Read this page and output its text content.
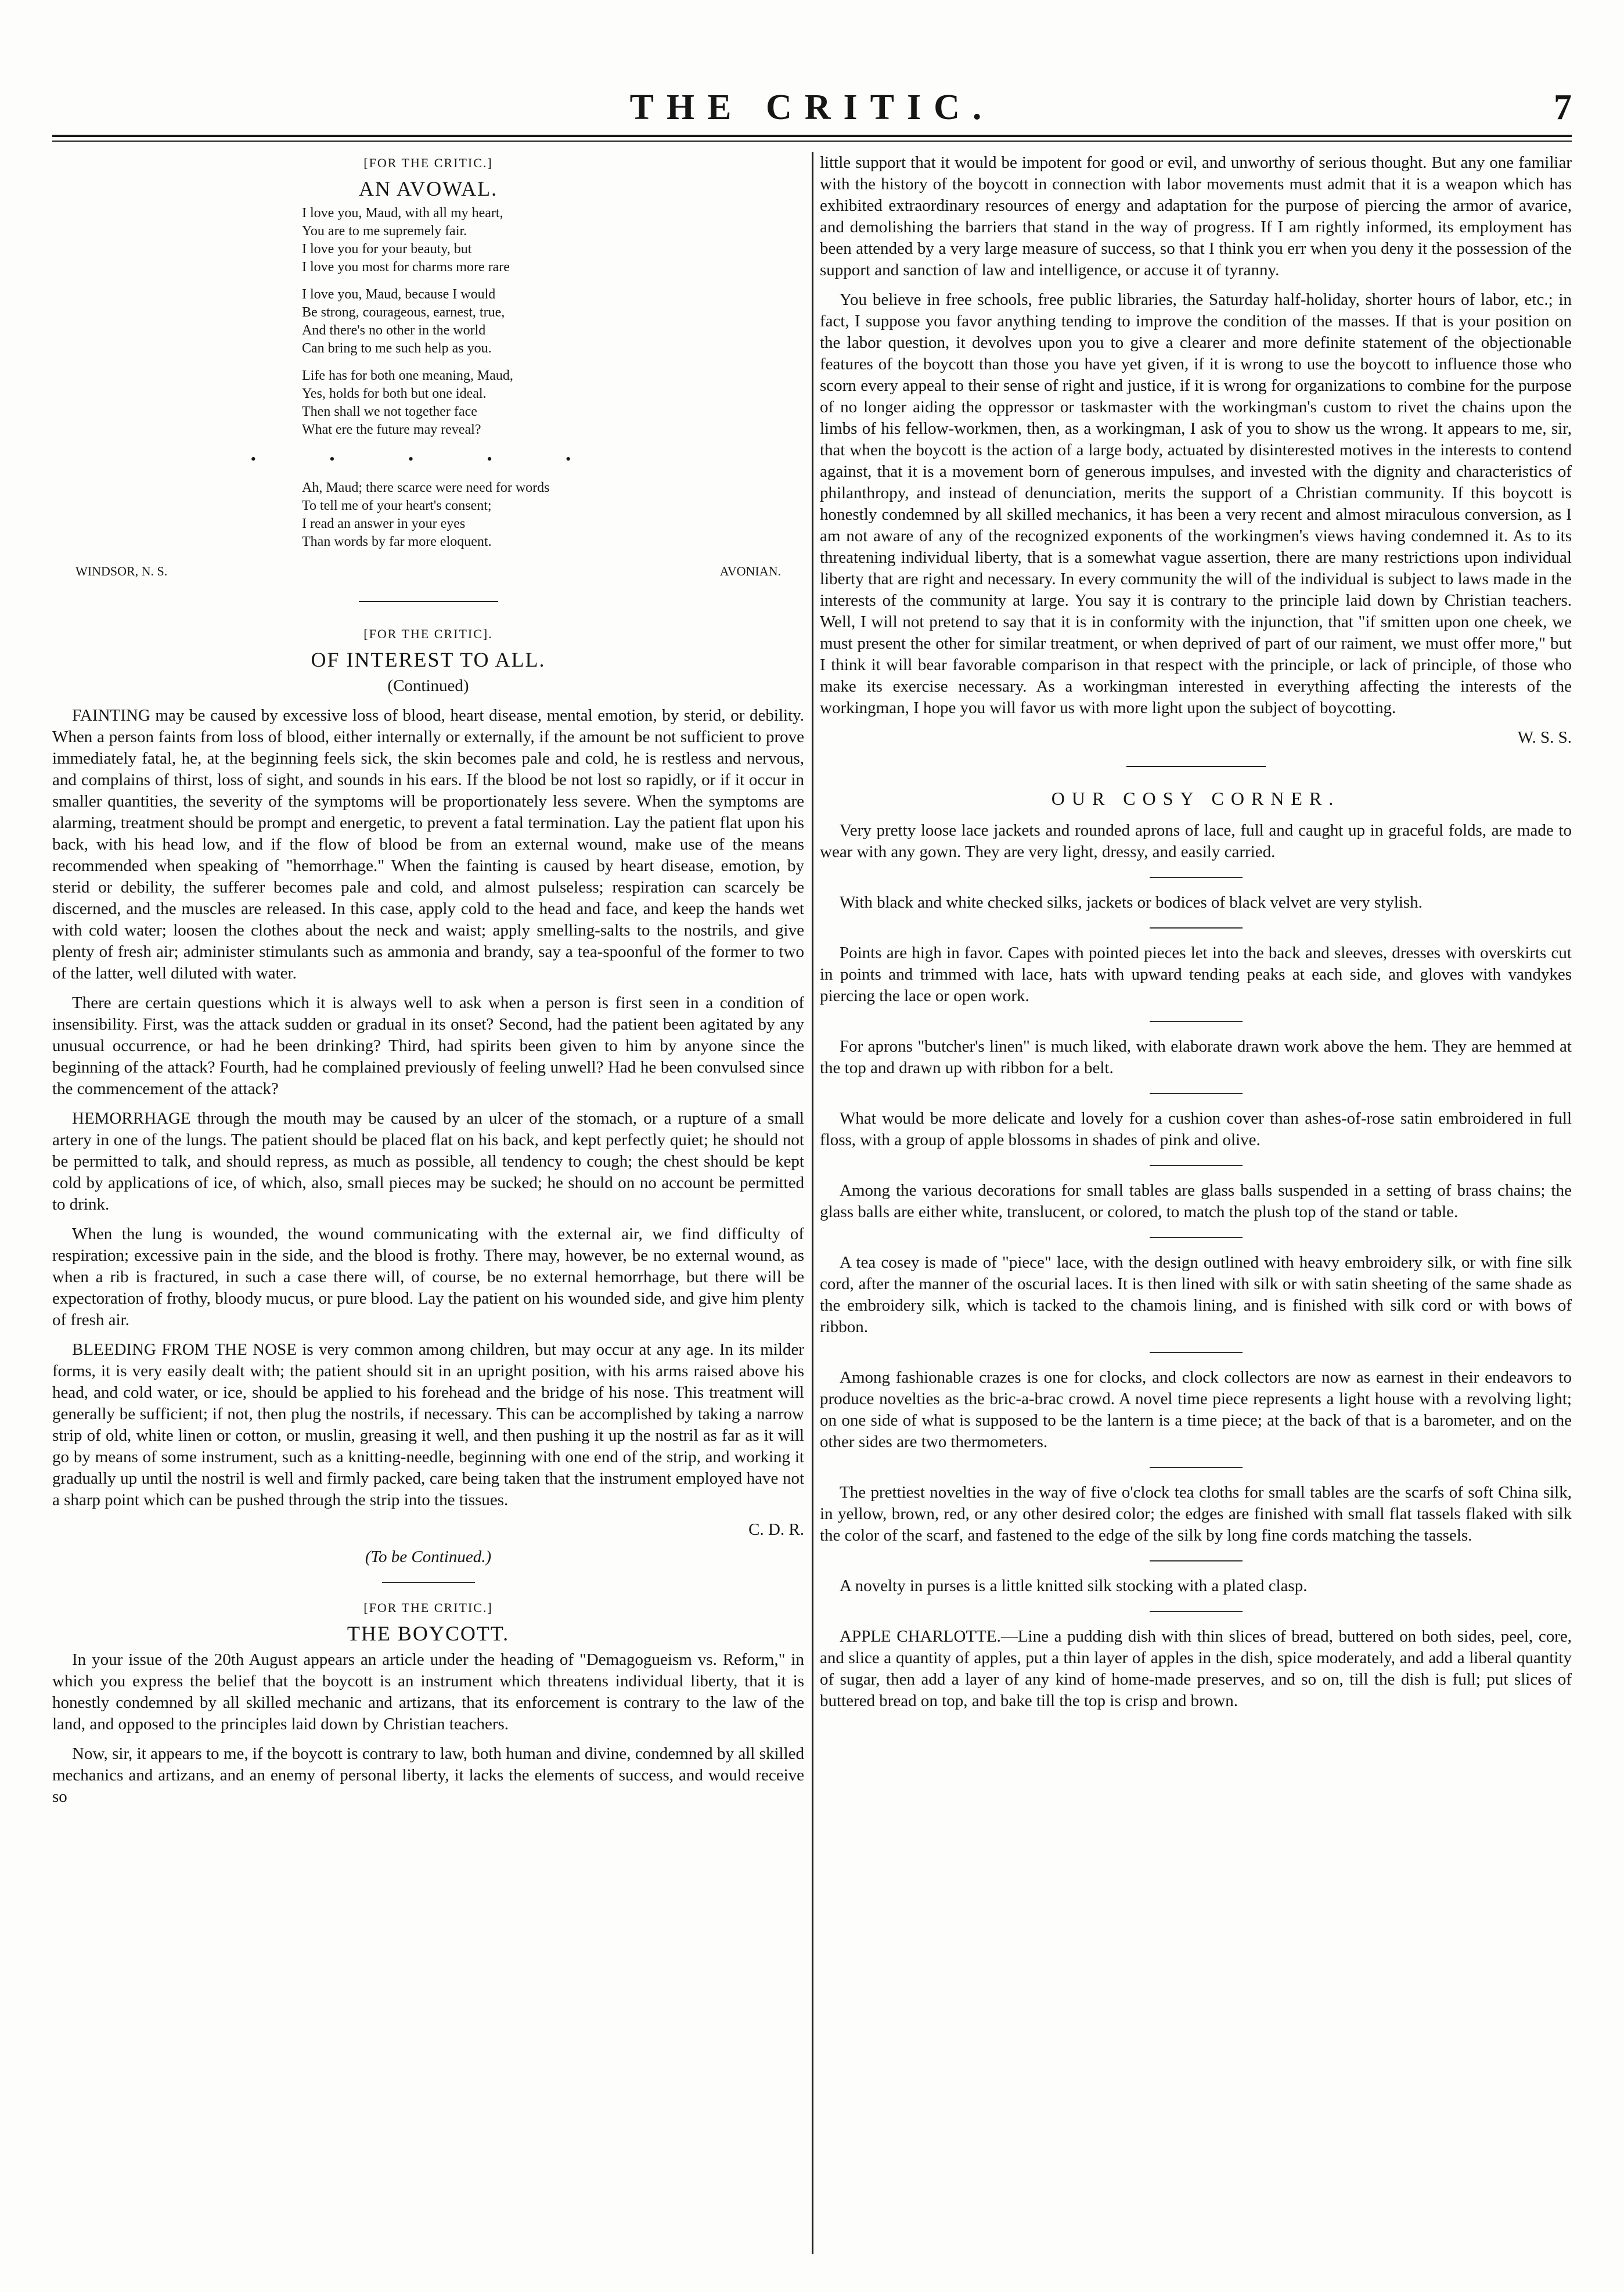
THE CRITIC.	7
[FOR THE CRITIC.]
AN AVOWAL.
I love you, Maud, with all my heart,
You are to me supremely fair.
I love you for your beauty, but
I love you most for charms more rare
I love you, Maud, because I would
Be strong, courageous, earnest, true,
And there's no other in the world
Can bring to me such help as you.
Life has for both one meaning, Maud,
Yes, holds for both but one ideal.
Then shall we not together face
What ere the future may reveal?
• • • • •
Ah, Maud; there scarce were need for words
To tell me of your heart's consent;
I read an answer in your eyes
Than words by far more eloquent.
WINDSOR, N. S.	AVONIAN.
[FOR THE CRITIC].
OF INTEREST TO ALL.
(Continued)

FAINTING may be caused by excessive loss of blood, heart disease, mental emotion, by sterid, or debility. When a person faints from loss of blood, either internally or externally, if the amount be not sufficient to prove immediately fatal, he, at the beginning feels sick, the skin becomes pale and cold, he is restless and nervous, and complains of thirst, loss of sight, and sounds in his ears. If the blood be not lost so rapidly, or if it occur in smaller quantities, the severity of the symptoms will be proportionately less severe. When the symptoms are alarming, treatment should be prompt and energetic, to prevent a fatal termination. Lay the patient flat upon his back, with his head low, and if the flow of blood be from an external wound, make use of the means recommended when speaking of "hemorrhage." When the fainting is caused by heart disease, emotion, by sterid or debility, the sufferer becomes pale and cold, and almost pulseless; respiration can scarcely be discerned, and the muscles are released. In this case, apply cold to the head and face, and keep the hands wet with cold water; loosen the clothes about the neck and waist; apply smelling-salts to the nostrils, and give plenty of fresh air; administer stimulants such as ammonia and brandy, say a tea-spoonful of the former to two of the latter, well diluted with water.

There are certain questions which it is always well to ask when a person is first seen in a condition of insensibility. First, was the attack sudden or gradual in its onset? Second, had the patient been agitated by any unusual occurrence, or had he been drinking? Third, had spirits been given to him by anyone since the beginning of the attack? Fourth, had he complained previously of feeling unwell? Had he been convulsed since the commencement of the attack?

HEMORRHAGE through the mouth may be caused by an ulcer of the stomach, or a rupture of a small artery in one of the lungs. The patient should be placed flat on his back, and kept perfectly quiet; he should not be permitted to talk, and should repress, as much as possible, all tendency to cough; the chest should be kept cold by applications of ice, of which, also, small pieces may be sucked; he should on no account be permitted to drink.

When the lung is wounded, the wound communicating with the external air, we find difficulty of respiration; excessive pain in the side, and the blood is frothy. There may, however, be no external wound, as when a rib is fractured, in such a case there will, of course, be no external hemorrhage, but there will be expectoration of frothy, bloody mucus, or pure blood. Lay the patient on his wounded side, and give him plenty of fresh air.

BLEEDING FROM THE NOSE is very common among children, but may occur at any age. In its milder forms, it is very easily dealt with; the patient should sit in an upright position, with his arms raised above his head, and cold water, or ice, should be applied to his forehead and the bridge of his nose. This treatment will generally be sufficient; if not, then plug the nostrils, if necessary. This can be accomplished by taking a narrow strip of old, white linen or cotton, or muslin, greasing it well, and then pushing it up the nostril as far as it will go by means of some instrument, such as a knitting-needle, beginning with one end of the strip, and working it gradually up until the nostril is well and firmly packed, care being taken that the instrument employed have not a sharp point which can be pushed through the strip into the tissues.

C. D. R.
(To be Continued.)
[FOR THE CRITIC.]
THE BOYCOTT.

In your issue of the 20th August appears an article under the heading of "Demagogueism vs. Reform," in which you express the belief that the boycott is an instrument which threatens individual liberty, that it is honestly condemned by all skilled mechanic and artizans, that its enforcement is contrary to the law of the land, and opposed to the principles laid down by Christian teachers.

Now, sir, it appears to me, if the boycott is contrary to law, both human and divine, condemned by all skilled mechanics and artizans, and an enemy of personal liberty, it lacks the elements of success, and would receive so

little support that it would be impotent for good or evil, and unworthy of serious thought. But any one familiar with the history of the boycott in connection with labor movements must admit that it is a weapon which has exhibited extraordinary resources of energy and adaptation for the purpose of piercing the armor of avarice, and demolishing the barriers that stand in the way of progress. If I am rightly informed, its employment has been attended by a very large measure of success, so that I think you err when you deny it the possession of the support and sanction of law and intelligence, or accuse it of tyranny.

You believe in free schools, free public libraries, the Saturday half-holiday, shorter hours of labor, etc.; in fact, I suppose you favor anything tending to improve the condition of the masses. If that is your position on the labor question, it devolves upon you to give a clearer and more definite statement of the objectionable features of the boycott than those you have yet given, if it is wrong to use the boycott to influence those who scorn every appeal to their sense of right and justice, if it is wrong for organizations to combine for the purpose of no longer aiding the oppressor or taskmaster with the workingman's custom to rivet the chains upon the limbs of his fellow-workmen, then, as a workingman, I ask of you to show us the wrong. It appears to me, sir, that when the boycott is the action of a large body, actuated by disinterested motives in the interests to contend against, that it is a movement born of generous impulses, and invested with the dignity and characteristics of philanthropy, and instead of denunciation, merits the support of a Christian community. If this boycott is honestly condemned by all skilled mechanics, it has been a very recent and almost miraculous conversion, as I am not aware of any of the recognized exponents of the workingmen's views having condemned it. As to its threatening individual liberty, that is a somewhat vague assertion, there are many restrictions upon individual liberty that are right and necessary. In every community the will of the individual is subject to laws made in the interests of the community at large. You say it is contrary to the principle laid down by Christian teachers. Well, I will not pretend to say that it is in conformity with the injunction, that "if smitten upon one cheek, we must present the other for similar treatment, or when deprived of part of our raiment, we must offer more," but I think it will bear favorable comparison in that respect with the principle, or lack of principle, of those who make its exercise necessary. As a workingman interested in everything affecting the interests of the workingman, I hope you will favor us with more light upon the subject of boycotting.

W. S. S.
OUR COSY CORNER.

Very pretty loose lace jackets and rounded aprons of lace, full and caught up in graceful folds, are made to wear with any gown. They are very light, dressy, and easily carried.

With black and white checked silks, jackets or bodices of black velvet are very stylish.

Points are high in favor. Capes with pointed pieces let into the back and sleeves, dresses with overskirts cut in points and trimmed with lace, hats with upward tending peaks at each side, and gloves with vandykes piercing the lace or open work.

For aprons "butcher's linen" is much liked, with elaborate drawn work above the hem. They are hemmed at the top and drawn up with ribbon for a belt.

What would be more delicate and lovely for a cushion cover than ashes-of-rose satin embroidered in full floss, with a group of apple blossoms in shades of pink and olive.

Among the various decorations for small tables are glass balls suspended in a setting of brass chains; the glass balls are either white, translucent, or colored, to match the plush top of the stand or table.

A tea cosey is made of "piece" lace, with the design outlined with heavy embroidery silk, or with fine silk cord, after the manner of the oscurial laces. It is then lined with silk or with satin sheeting of the same shade as the embroidery silk, which is tacked to the chamois lining, and is finished with silk cord or with bows of ribbon.

Among fashionable crazes is one for clocks, and clock collectors are now as earnest in their endeavors to produce novelties as the bric-a-brac crowd. A novel time piece represents a light house with a revolving light; on one side of what is supposed to be the lantern is a time piece; at the back of that is a barometer, and on the other sides are two thermometers.

The prettiest novelties in the way of five o'clock tea cloths for small tables are the scarfs of soft China silk, in yellow, brown, red, or any other desired color; the edges are finished with small flat tassels flaked with silk the color of the scarf, and fastened to the edge of the silk by long fine cords matching the tassels.

A novelty in purses is a little knitted silk stocking with a plated clasp.

APPLE CHARLOTTE.—Line a pudding dish with thin slices of bread, buttered on both sides, peel, core, and slice a quantity of apples, put a thin layer of apples in the dish, spice moderately, and add a liberal quantity of sugar, then add a layer of any kind of home-made preserves, and so on, till the dish is full; put slices of buttered bread on top, and bake till the top is crisp and brown.
